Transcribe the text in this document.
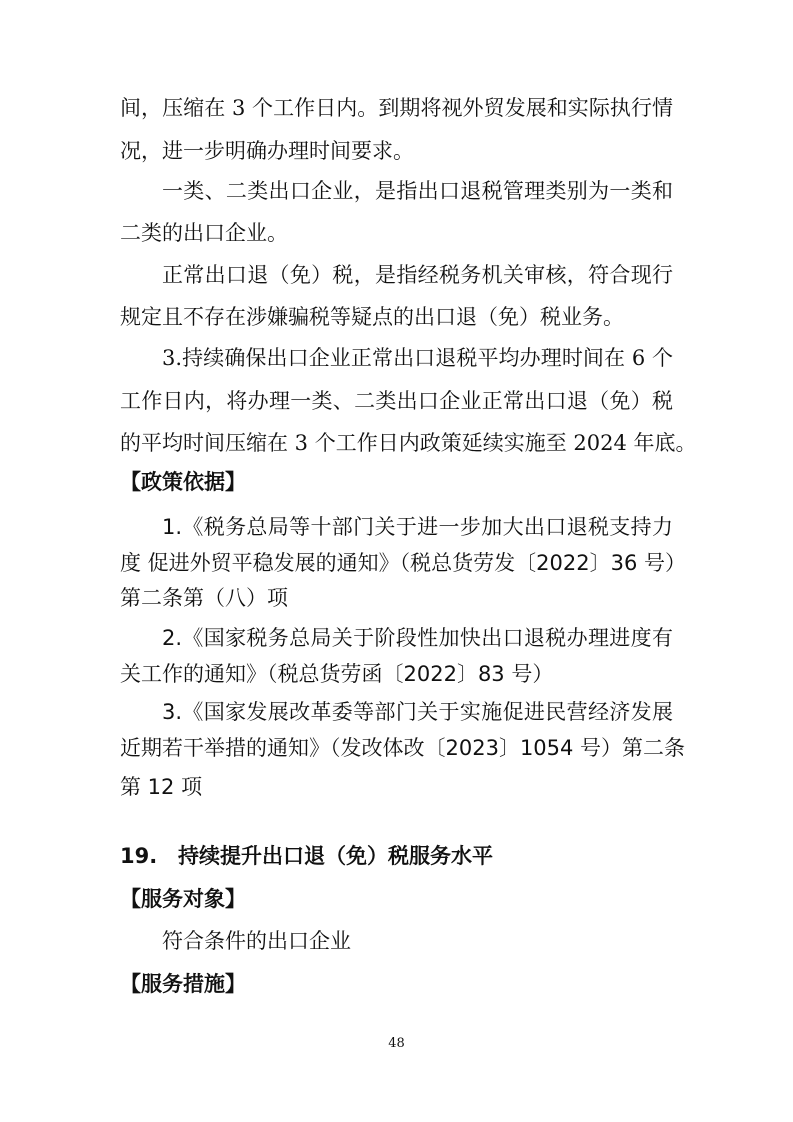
间，压缩在 3 个工作日内。到期将视外贸发展和实际执行情
况，进一步明确办理时间要求。
一类、二类出口企业，是指出口退税管理类别为一类和
二类的出口企业。
正常出口退（免）税，是指经税务机关审核，符合现行
规定且不存在涉嫌骗税等疑点的出口退（免）税业务。
3.持续确保出口企业正常出口退税平均办理时间在 6 个
工作日内，将办理一类、二类出口企业正常出口退（免）税
的平均时间压缩在 3 个工作日内政策延续实施至 2024 年底。
【政策依据】
1.《税务总局等十部门关于进一步加大出口退税支持力
度 促进外贸平稳发展的通知》（税总货劳发〔2022〕36 号）
第二条第（八）项
2.《国家税务总局关于阶段性加快出口退税办理进度有
关工作的通知》（税总货劳函〔2022〕83 号）
3.《国家发展改革委等部门关于实施促进民营经济发展
近期若干举措的通知》（发改体改〔2023〕1054 号）第二条
第 12 项
19. 持续提升出口退（免）税服务水平
【服务对象】
符合条件的出口企业
【服务措施】
48
